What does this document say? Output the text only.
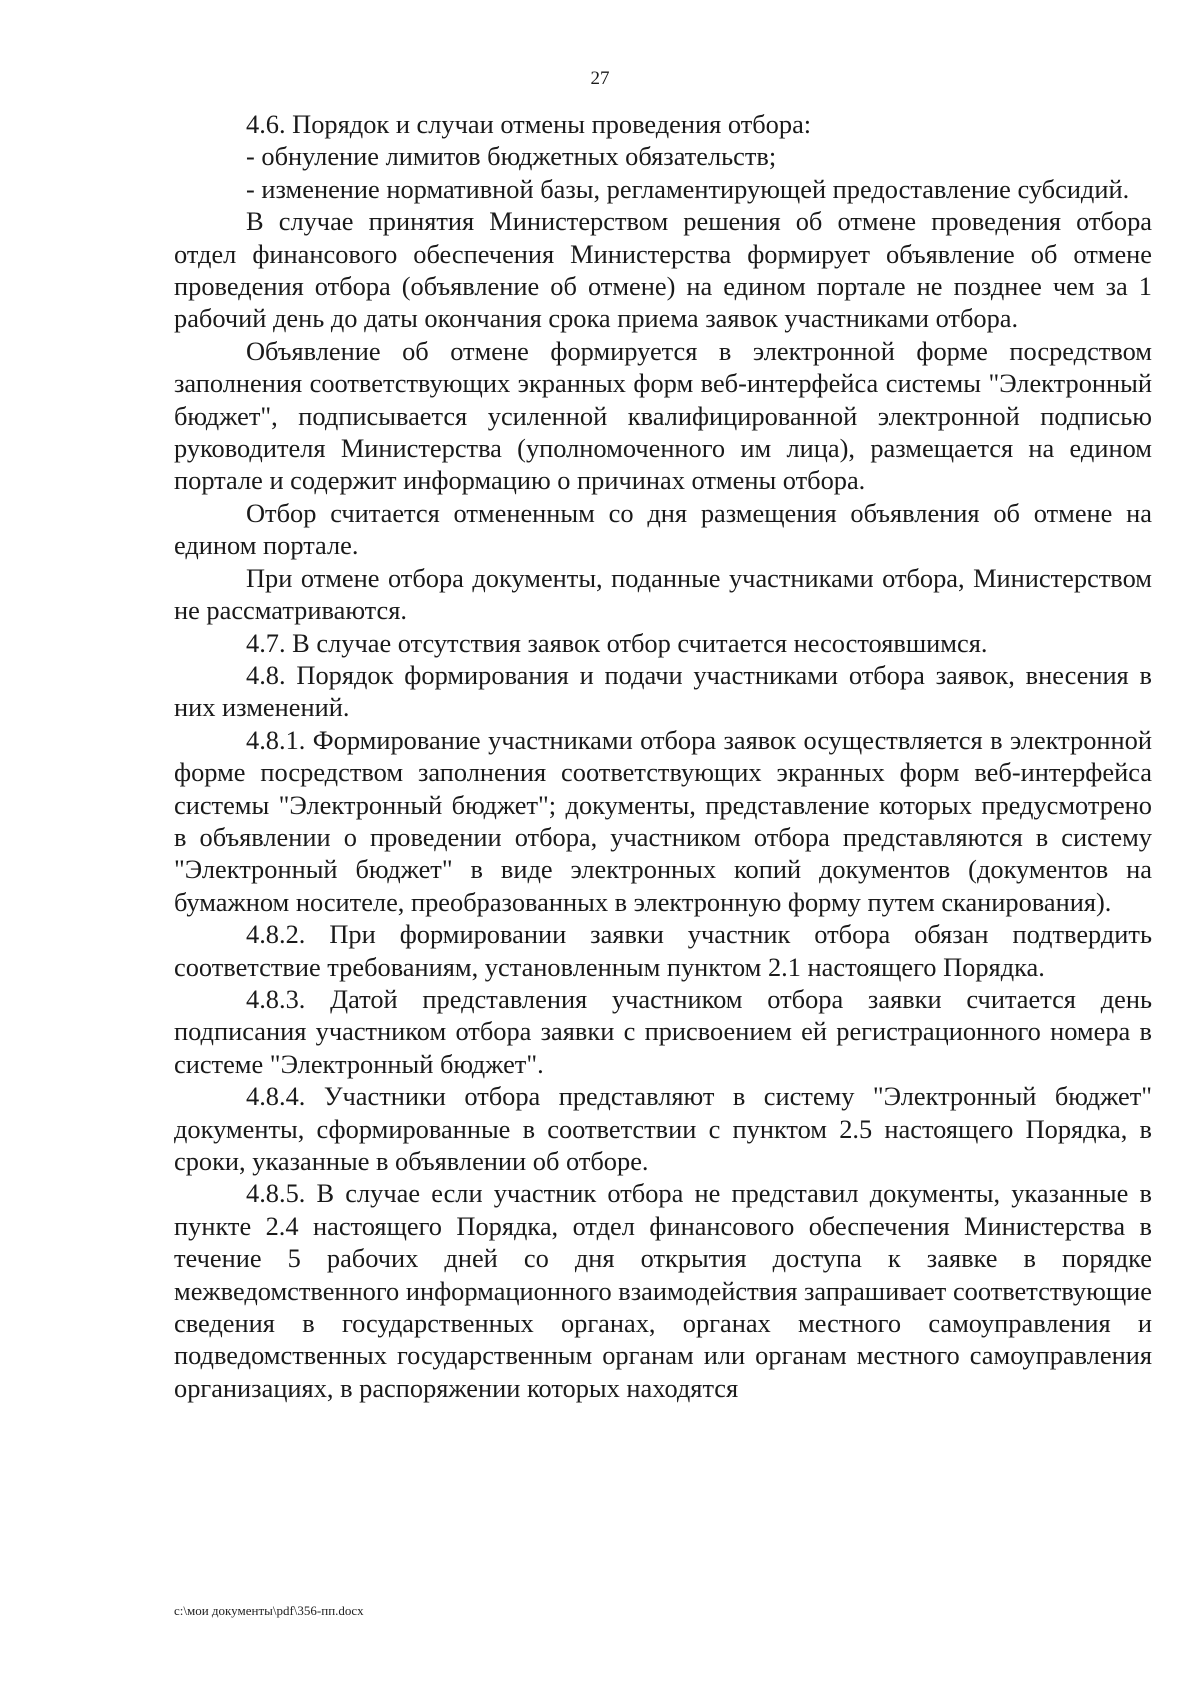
27

4.6. Порядок и случаи отмены проведения отбора:

- обнуление лимитов бюджетных обязательств;

- изменение нормативной базы, регламентирующей предоставление субсидий.

В случае принятия Министерством решения об отмене проведения отбора отдел финансового обеспечения Министерства формирует объявление об отмене проведения отбора (объявление об отмене) на едином портале не позднее чем за 1 рабочий день до даты окончания срока приема заявок участниками отбора.

Объявление об отмене формируется в электронной форме посредством заполнения соответствующих экранных форм веб-интерфейса системы "Электронный бюджет", подписывается усиленной квалифицированной электронной подписью руководителя Министерства (уполномоченного им лица), размещается на едином портале и содержит информацию о причинах отмены отбора.

Отбор считается отмененным со дня размещения объявления об отмене на едином портале.

При отмене отбора документы, поданные участниками отбора, Министерством не рассматриваются.

4.7. В случае отсутствия заявок отбор считается несостоявшимся.

4.8. Порядок формирования и подачи участниками отбора заявок, внесения в них изменений.

4.8.1. Формирование участниками отбора заявок осуществляется в электронной форме посредством заполнения соответствующих экранных форм веб-интерфейса системы "Электронный бюджет"; документы, представление которых предусмотрено в объявлении о проведении отбора, участником отбора представляются в систему "Электронный бюджет" в виде электронных копий документов (документов на бумажном носителе, преобразованных в электронную форму путем сканирования).

4.8.2. При формировании заявки участник отбора обязан подтвердить соответствие требованиям, установленным пунктом 2.1 настоящего Порядка.

4.8.3. Датой представления участником отбора заявки считается день подписания участником отбора заявки с присвоением ей регистрационного номера в системе "Электронный бюджет".

4.8.4. Участники отбора представляют в систему "Электронный бюджет" документы, сформированные в соответствии с пунктом 2.5 настоящего Порядка, в сроки, указанные в объявлении об отборе.

4.8.5. В случае если участник отбора не представил документы, указанные в пункте 2.4 настоящего Порядка, отдел финансового обеспечения Министерства в течение 5 рабочих дней со дня открытия доступа к заявке в порядке межведомственного информационного взаимодействия запрашивает соответствующие сведения в государственных органах, органах местного самоуправления и подведомственных государственным органам или органам местного самоуправления организациях, в распоряжении которых находятся

c:\мои документы\pdf\356-пп.docx
